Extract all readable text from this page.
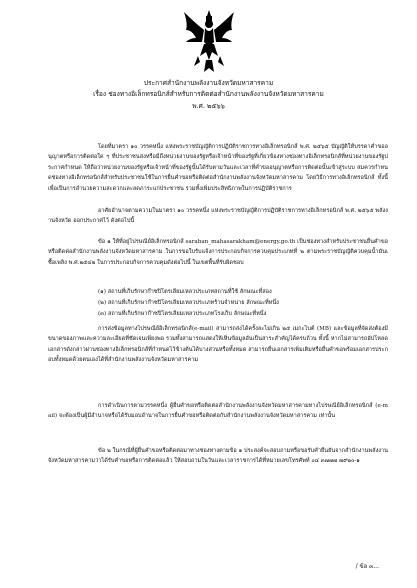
ประกาศสำนักงานพลังงานจังหวัดมหาสารคาม
เรื่อง ช่องทางอิเล็กทรอนิกส์สำหรับการติดต่อสำนักงานพลังงานจังหวัดมหาสารคาม
พ.ศ. ๒๕๖๖
โดยที่มาตรา ๑๐ วรรคหนึ่ง แห่งพระราชบัญญัติการปฏิบัติราชการทางอิเล็กทรอนิกส์ พ.ศ. ๒๕๖๕ บัญญัติให้บรรดาคำขออนุญาตหรือการติดต่อใด ๆ ที่ประชาชนส่งหรือมีถึงหน่วยงานของรัฐหรือเจ้าหน้าที่ของรัฐที่เกี่ยวข้องทางช่องทางอิเล็กทรอนิกส์ที่หน่วยงานของรัฐประกาศกำหนด ให้ถือว่าหน่วยงานของรัฐหรือเจ้าหน้าที่ของรัฐนั้นได้รับตามวันและเวลาที่คำขออนุญาตหรือการติดต่อนั้นเข้าสู่ระบบ สมควรกำหนดช่องทางอิเล็กทรอนิกส์สำหรับประชาชนใช้ในการยื่นคำขอหรือติดต่อสำนักงานพลังงานจังหวัดมหาสารคาม โดยวิธีการทางอิเล็กทรอนิกส์ ทั้งนี้ เพื่อเป็นการอำนวยความสะดวกและลดภาระแก่ประชาชน รวมทั้งเพิ่มประสิทธิภาพในการปฏิบัติราชการ
อาศัยอำนาจตามความในมาตรา ๑๐ วรรคหนึ่ง แห่งพระราชบัญญัติการปฏิบัติราชการทางอิเล็กทรอนิกส์ พ.ศ. ๒๕๖๕ พลังงานจังหวัด ออกประกาศไว้ ดังต่อไปนี้
ข้อ ๑ ให้ที่อยู่ไปรษณีย์อิเล็กทรอนิกส์ saraban_mahasarakham@energy.go.th เป็นช่องทางสำหรับประชาชนยื่นคำขอหรือติดต่อสำนักงานพลังงานจังหวัดมหาสารคาม ในการขอใบรับแจ้งการประกอบกิจการควบคุมประเภทที่ ๒ ตามพระราชบัญญัติควบคุมน้ำมันเชื้อเพลิง พ.ศ.๒๕๔๒ ในการประกอบกิจการควบคุมดังต่อไปนี้ ในเขตพื้นที่รับผิดชอบ
(๑) สถานที่เก็บรักษาก๊าซปิโตรเลียมเหลวประเภทสถานที่ใช้ ลักษณะที่สอง
(๒) สถานที่เก็บรักษาก๊าซปิโตรเลียมเหลวประเภทร้านจำหน่าย ลักษณะที่หนึ่ง
(๓) สถานที่เก็บรักษาก๊าซปิโตรเลียมเหลวประเภทโรงเก็บ ลักษณะที่หนึ่ง
การส่งข้อมูลทางไปรษณีย์อิเล็กทรอนิกส์(e-mail) สามารถส่งได้ครั้งละไม่เกิน ๒๕ เมกะไบต์ (MB) และข้อมูลที่จัดส่งต้องมีขนาดของภาพและความละเอียดที่ชัดเจนเพียงพอ รวมทั้งสามารถแสดงให้เห็นข้อมูลอันเป็นสาระสำคัญได้ครบถ้วน ทั้งนี้ หากไม่สามารถอัปโหลดเอกสารดังกล่าวผ่านช่องทางอิเล็กทรอนิกส์ที่กำหนดไว้ข้างต้นได้บางส่วนหรือทั้งหมด สามารถยื่นเอกสารเพิ่มเติมหรือยื่นคำขอพร้อมเอกสารประกอบทั้งหมดด้วยตนเองได้ที่สำนักงานพลังงานจังหวัดมหาสารคาม
การดำเนินการตามวรรคหนึ่ง ผู้ยื่นคำขอหรือติดต่อสำนักงานพลังงานจังหวัดมหาสารคามทางไปรษณีย์อิเล็กทรอนิกส์ (e-mail) จะต้องเป็นผู้มีอำนาจหรือได้รับมอบอำนาจในการยื่นคำขอหรือติดต่อกับสำนักงานพลังงานจังหวัดมหาสารคาม เท่านั้น
ข้อ ๒ ในกรณีที่ผู้ยื่นคำขอหรือติดต่อมาทางช่องทางตามข้อ ๑ ประสงค์จะสอบถามหรือขอรับคำยืนยันจากสำนักงานพลังงานจังหวัดมหาสารคามว่าได้รับคำขอหรือการติดต่อแล้ว ให้สอบถามในวันและเวลาราชการได้ที่หมายเลขโทรศัพท์ ๐๔ ๓๗๗๗ ๗๙๒๐-๑
/ ข้อ ๓...
